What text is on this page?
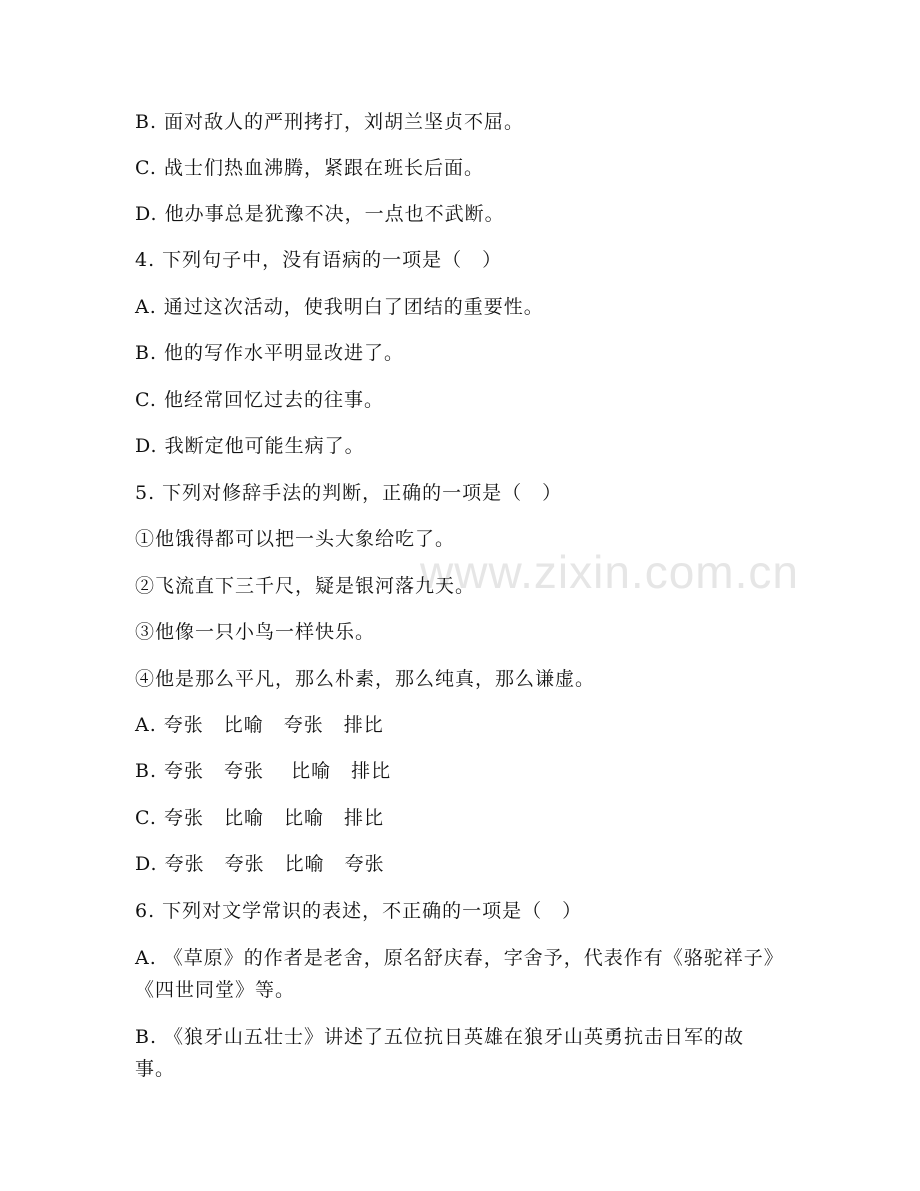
www.zixin.com.cn
B. 面对敌人的严刑拷打，刘胡兰坚贞不屈。
C. 战士们热血沸腾，紧跟在班长后面。
D. 他办事总是犹豫不决，一点也不武断。
4. 下列句子中，没有语病的一项是（　）
A. 通过这次活动，使我明白了团结的重要性。
B. 他的写作水平明显改进了。
C. 他经常回忆过去的往事。
D. 我断定他可能生病了。
5. 下列对修辞手法的判断，正确的一项是（　）
①他饿得都可以把一头大象给吃了。
②飞流直下三千尺，疑是银河落九天。
③他像一只小鸟一样快乐。
④他是那么平凡，那么朴素，那么纯真，那么谦虚。
A. 夸张　比喻　夸张　排比
B. 夸张　夸张　 比喻　排比
C. 夸张　比喻　比喻　排比
D. 夸张　夸张　比喻　夸张
6. 下列对文学常识的表述，不正确的一项是（　）
A. 《草原》的作者是老舍，原名舒庆春，字舍予，代表作有《骆驼祥子》《四世同堂》等。
B. 《狼牙山五壮士》讲述了五位抗日英雄在狼牙山英勇抗击日军的故事。
